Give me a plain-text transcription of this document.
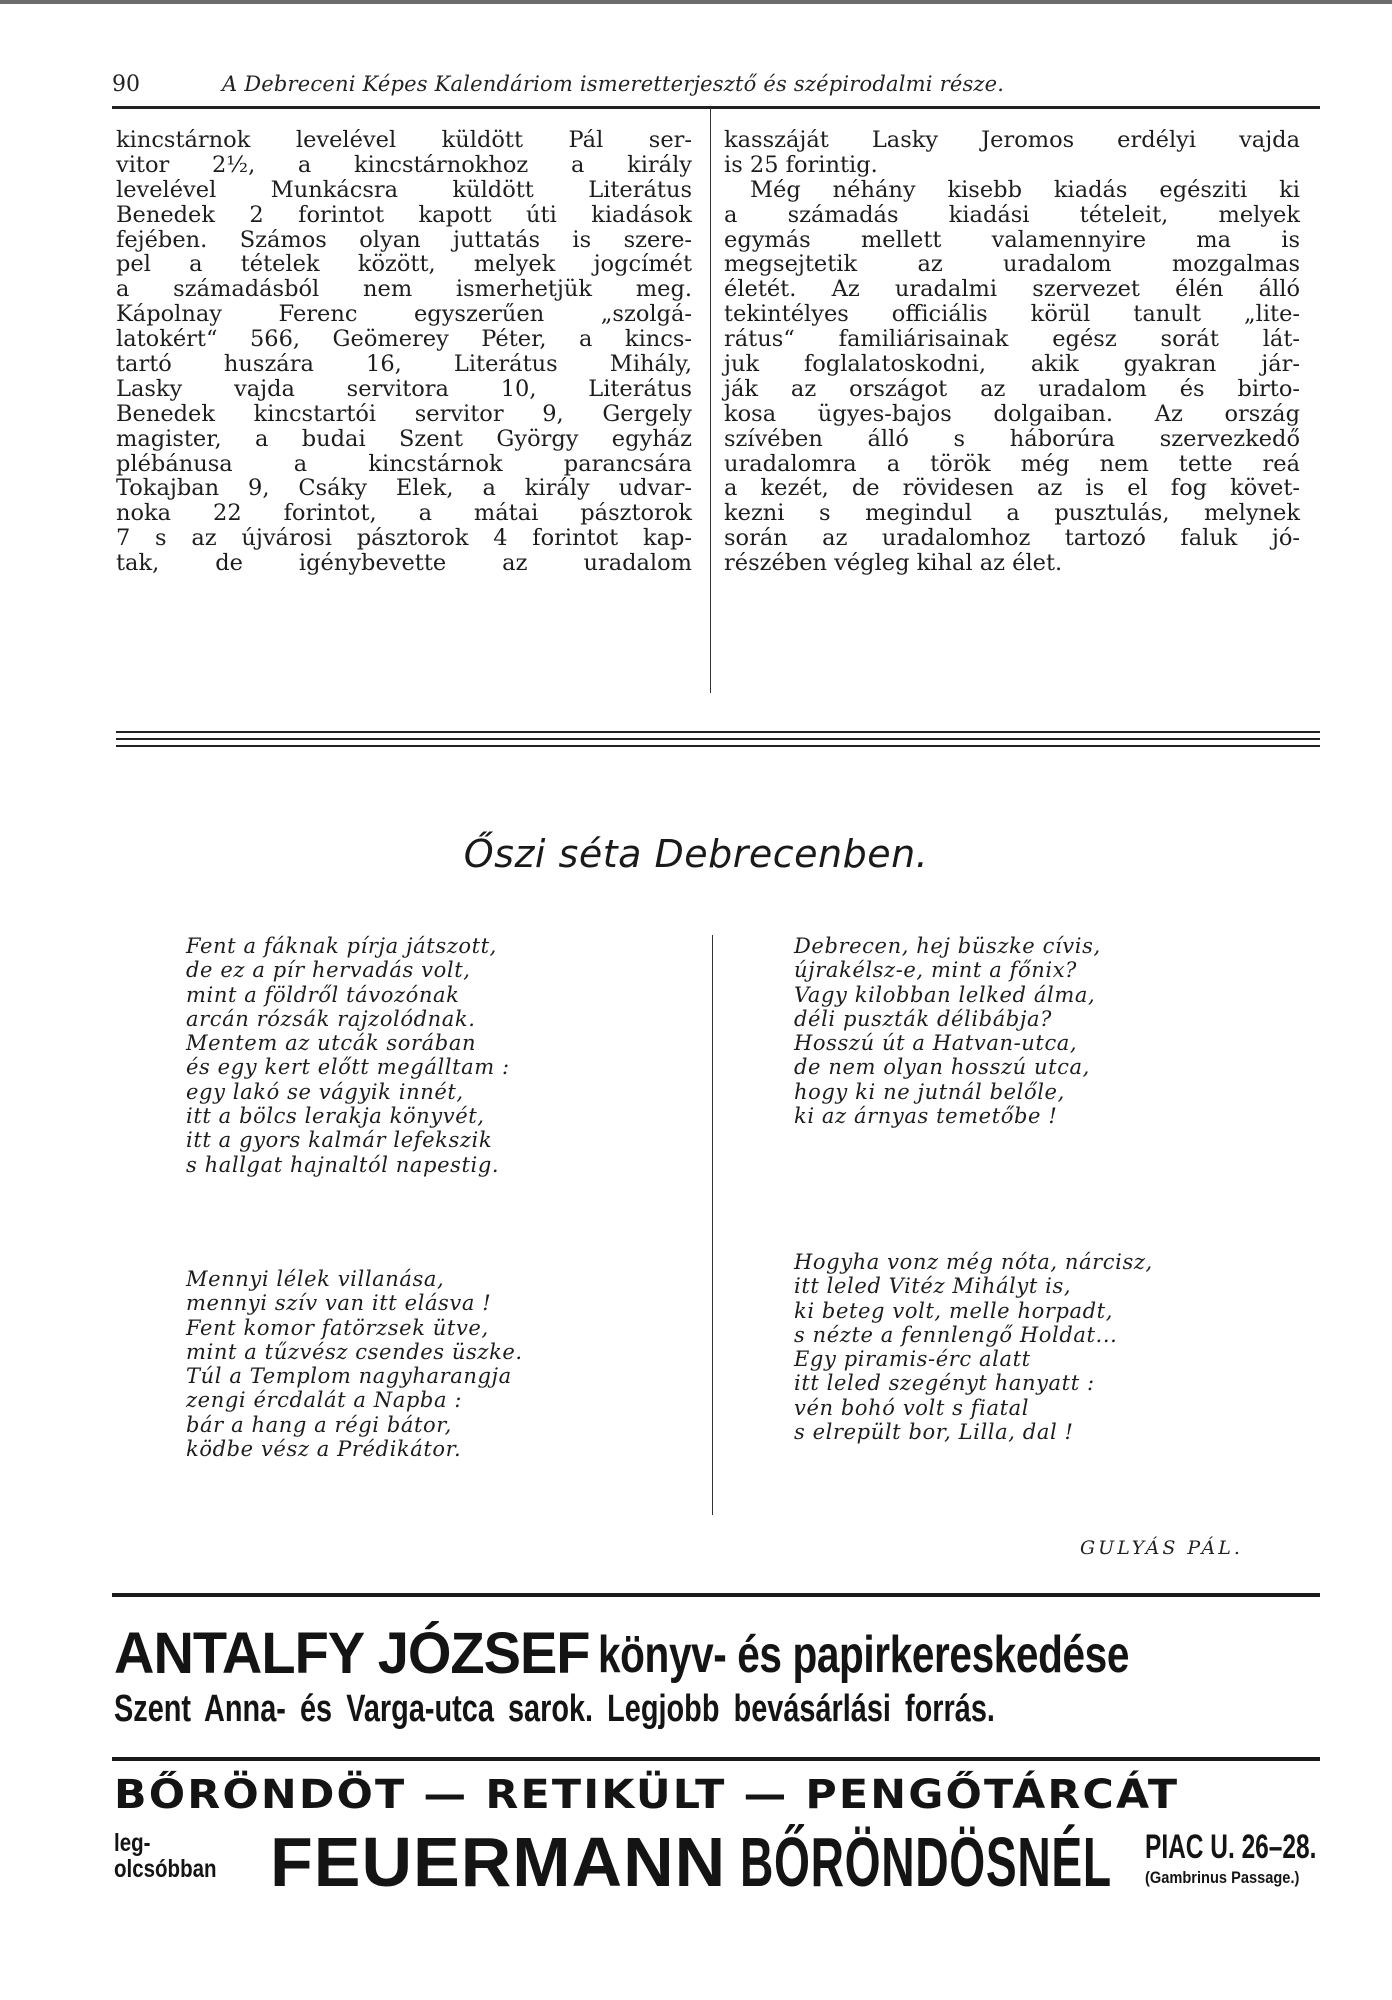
90	A Debreceni Képes Kalendáriom ismeretterjesztő és szépirodalmi része.
kincstárnok levelével küldött Pál ser-
vitor 2½, a kincstárnokhoz a király
levelével Munkácsra küldött Literátus
Benedek 2 forintot kapott úti kiadások
fejében. Számos olyan juttatás is szere-
pel a tételek között, melyek jogcímét
a számadásból nem ismerhetjük meg.
Kápolnay Ferenc egyszerűen „szolgá-
latokért“ 566, Geömerey Péter, a kincs-
tartó huszára 16, Literátus Mihály,
Lasky vajda servitora 10, Literátus
Benedek kincstartói servitor 9, Gergely
magister, a budai Szent György egyház
plébánusa a kincstárnok parancsára
Tokajban 9, Csáky Elek, a király udvar-
noka 22 forintot, a mátai pásztorok
7 s az újvárosi pásztorok 4 forintot kap-
tak, de igénybevette az uradalom
kasszáját Lasky Jeromos erdélyi vajda
is 25 forintig.
Még néhány kisebb kiadás egésziti ki
a számadás kiadási tételeit, melyek
egymás mellett valamennyire ma is
megsejtetik az uradalom mozgalmas
életét. Az uradalmi szervezet élén álló
tekintélyes officiális körül tanult „lite-
rátus“ familiárisainak egész sorát lát-
juk foglalatoskodni, akik gyakran jár-
ják az országot az uradalom és birto-
kosa ügyes-bajos dolgaiban. Az ország
szívében álló s háborúra szervezkedő
uradalomra a török még nem tette reá
a kezét, de rövidesen az is el fog követ-
kezni s megindul a pusztulás, melynek
során az uradalomhoz tartozó faluk jó-
részében végleg kihal az élet.
Őszi séta Debrecenben.
Fent a fáknak pírja játszott,
de ez a pír hervadás volt,
mint a földről távozónak
arcán rózsák rajzolódnak.
Mentem az utcák sorában
és egy kert előtt megálltam :
egy lakó se vágyik innét,
itt a bölcs lerakja könyvét,
itt a gyors kalmár lefekszik
s hallgat hajnaltól napestig.
Mennyi lélek villanása,
mennyi szív van itt elásva !
Fent komor fatörzsek ütve,
mint a tűzvész csendes üszke.
Túl a Templom nagyharangja
zengi ércdalát a Napba :
bár a hang a régi bátor,
ködbe vész a Prédikátor.
Debrecen, hej büszke cívis,
újrakélsz-e, mint a főnix?
Vagy kilobban lelked álma,
déli puszták délibábja?
Hosszú út a Hatvan-utca,
de nem olyan hosszú utca,
hogy ki ne jutnál belőle,
ki az árnyas temetőbe !
Hogyha vonz még nóta, nárcisz,
itt leled Vitéz Mihályt is,
ki beteg volt, melle horpadt,
s nézte a fennlengő Holdat...
Egy piramis-érc alatt
itt leled szegényt hanyatt :
vén bohó volt s fiatal
s elrepült bor, Lilla, dal !
GULYÁS PÁL.
ANTALFY JÓZSEF könyv- és papirkereskedése
Szent Anna- és Varga-utca sarok. Legjobb bevásárlási forrás.
BŐRÖNDÖT — RETIKÜLT — PENGŐTÁRCÁT
leg-
olcsóbban FEUERMANN BŐRÖNDÖSNÉL PIAC U. 26–28.
(Gambrinus Passage.)
